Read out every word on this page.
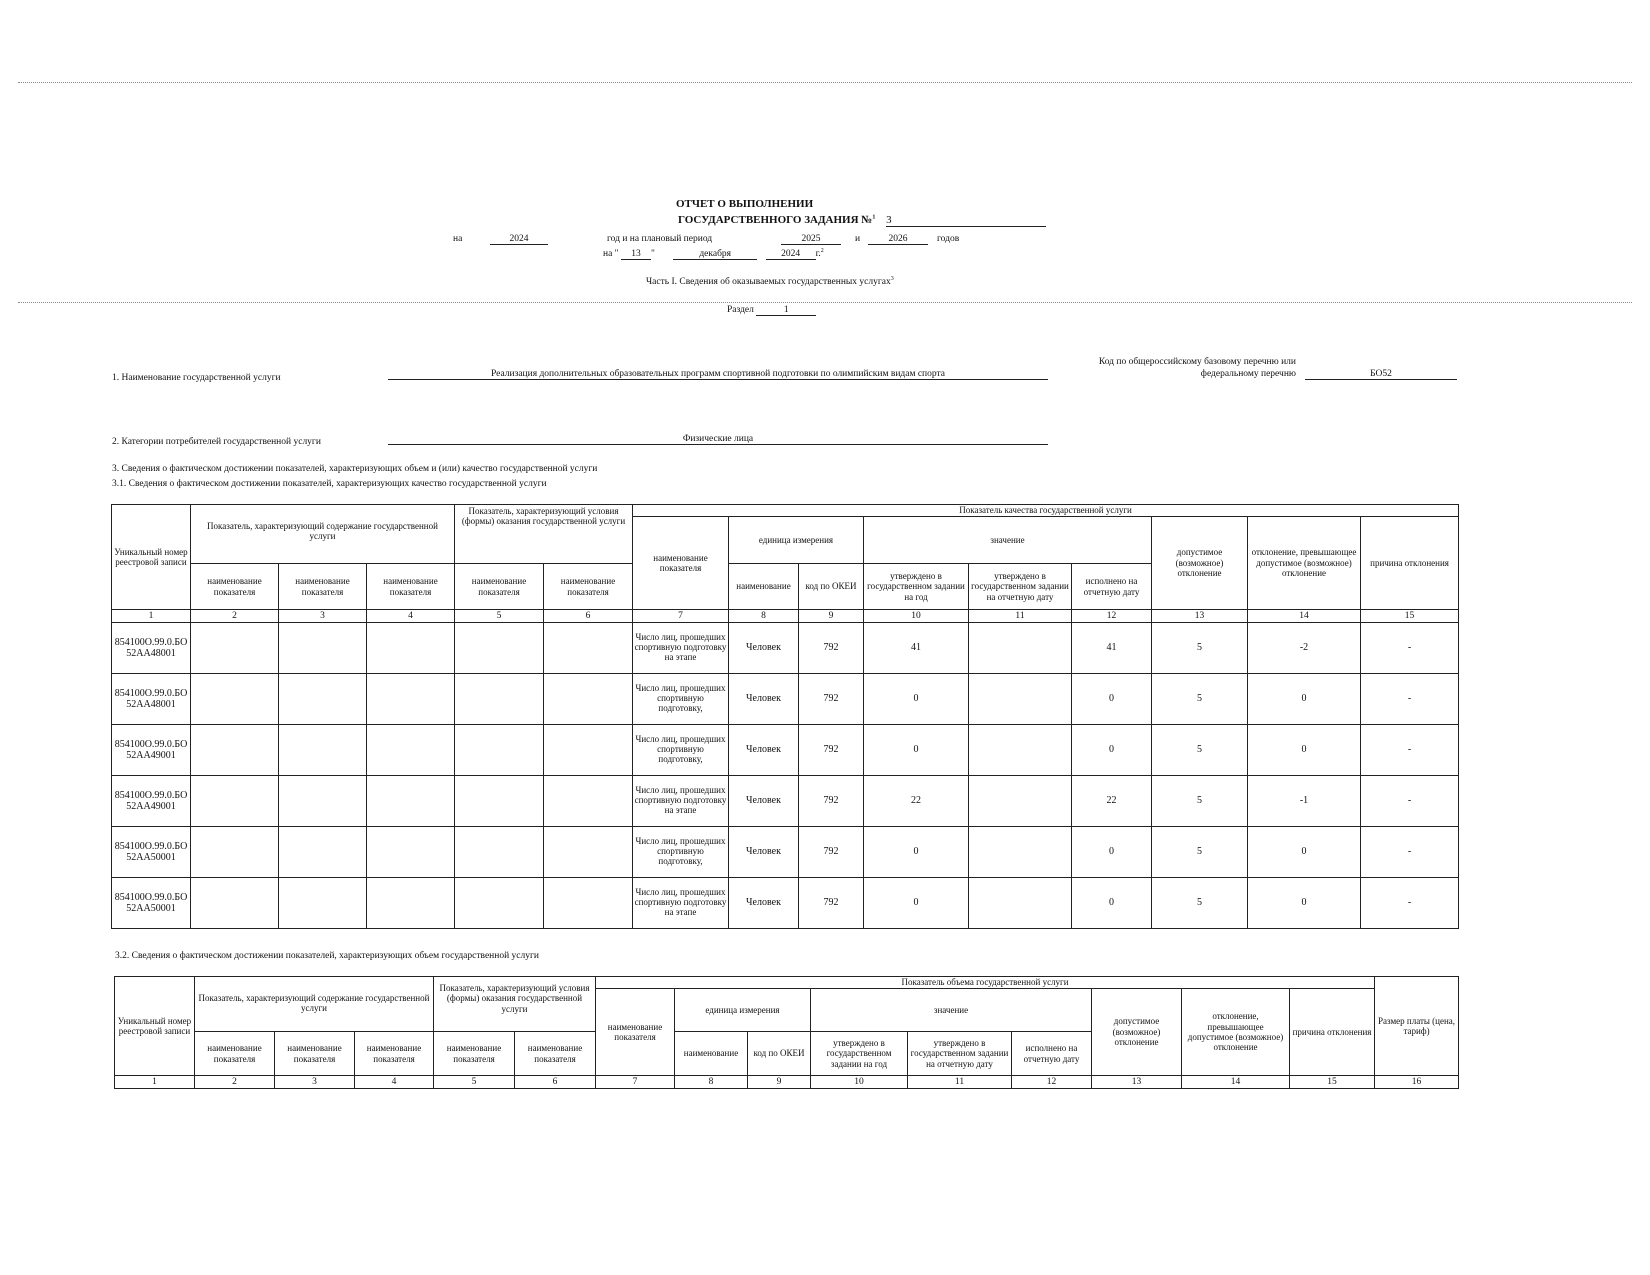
ОТЧЕТ О ВЫПОЛНЕНИИ
ГОСУДАРСТВЕННОГО ЗАДАНИЯ №$^1$ 3
на	2024	год и на плановый период	2025	и	2026	годов
на " 13 "	декабря	2024 г.$^2$
Часть I. Сведения об оказываемых государственных услугах$^3$
Раздел	1
1. Наименование государственной услуги	Реализация дополнительных образовательных программ спортивной подготовки по олимпийским видам спорта
Код по общероссийскому базовому перечню или
федеральному перечню	БО52
2. Категории потребителей государственной услуги	Физические лица
3. Сведения о фактическом достижении показателей, характеризующих объем и (или) качество государственной услуги
3.1. Сведения о фактическом достижении показателей, характеризующих качество государственной услуги
Уникальный номер реестровой записи	Показатель, характеризующий содержание государственной услуги			Показатель, характеризующий условия (формы) оказания государственной услуги		Показатель качества государственной услуги								
						наименование показателя	единица измерения		значение			допустимое (возможное) отклонение	отклонение, превышающее допустимое (возможное) отклонение	причина отклонения
	наименование показателя	наименование показателя	наименование показателя	наименование показателя	наименование показателя		наименование	код по ОКЕИ	утверждено в государственном задании на год	утверждено в государственном задании на отчетную дату	исполнено на отчетную дату			
1	2	3	4	5	6	7	8	9	10	11	12	13	14	15
854100О.99.0.БО52АА48001						Число лиц, прошедших спортивную подготовку на этапе	Человек	792	41		41	5	-2	-
854100О.99.0.БО52АА48001						Число лиц, прошедших спортивную подготовку,	Человек	792	0		0	5	0	-
854100О.99.0.БО52АА49001						Число лиц, прошедших спортивную подготовку,	Человек	792	0		0	5	0	-
854100О.99.0.БО52АА49001						Число лиц, прошедших спортивную подготовку на этапе	Человек	792	22		22	5	-1	-
854100О.99.0.БО52АА50001						Число лиц, прошедших спортивную подготовку,	Человек	792	0		0	5	0	-
854100О.99.0.БО52АА50001						Число лиц, прошедших спортивную подготовку на этапе	Человек	792	0		0	5	0	-
3.2. Сведения о фактическом достижении показателей, характеризующих объем государственной услуги
Уникальный номер реестровой записи	Показатель, характеризующий содержание государственной услуги			Показатель, характеризующий условия (формы) оказания государственной услуги		Показатель объема государственной услуги									Размер платы (цена, тариф)
						наименование показателя	единица измерения		значение			допустимое (возможное) отклонение	отклонение, превышающее допустимое (возможное) отклонение	причина отклонения	
	наименование показателя	наименование показателя	наименование показателя	наименование показателя	наименование показателя		наименование	код по ОКЕИ	утверждено в государственном задании на год	утверждено в государственном задании на отчетную дату	исполнено на отчетную дату				
1	2	3	4	5	6	7	8	9	10	11	12	13	14	15	16
